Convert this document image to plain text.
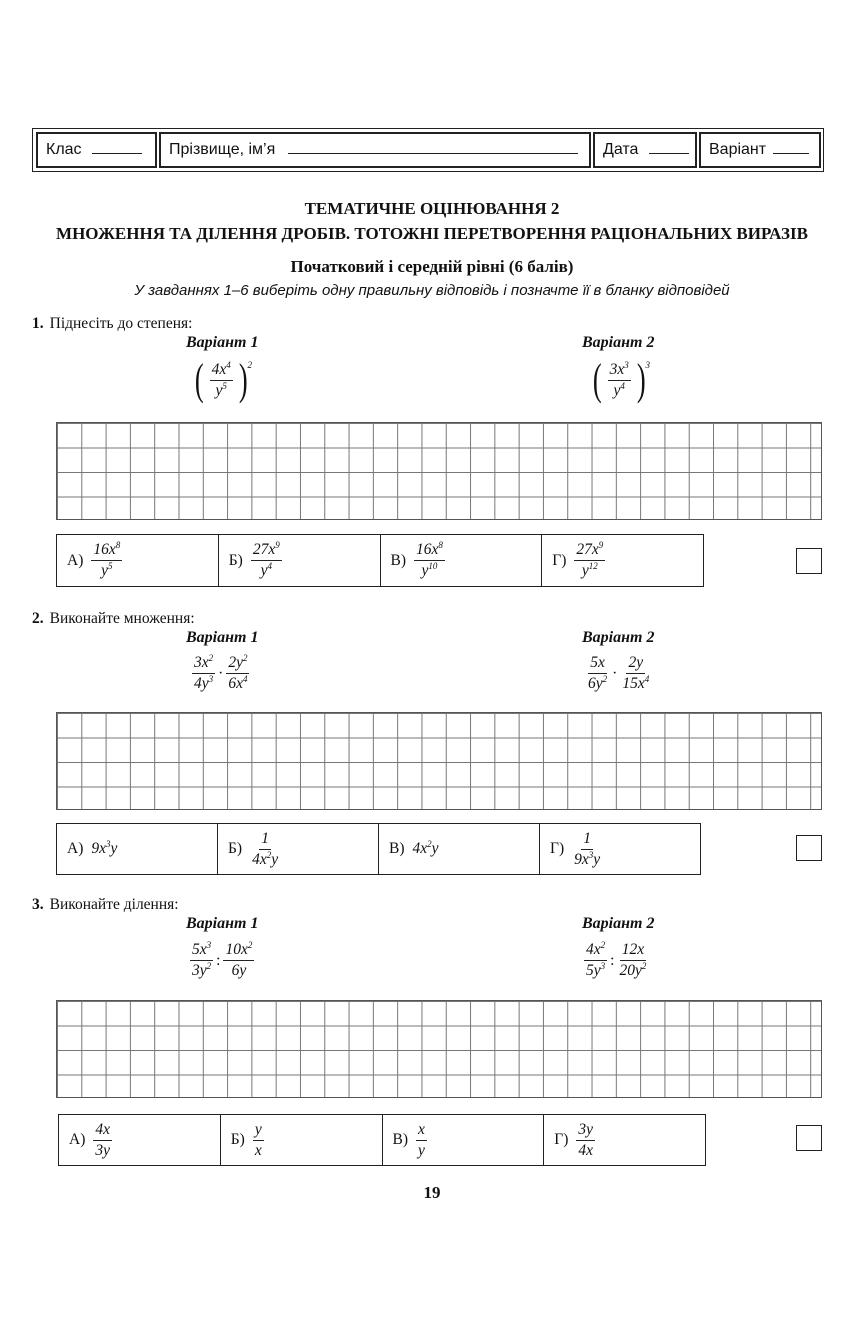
Клас	Прізвище, ім’я	Дата	Варіант
ТЕМАТИЧНЕ ОЦІНЮВАННЯ 2
МНОЖЕННЯ ТА ДІЛЕННЯ ДРОБІВ. ТОТОЖНІ ПЕРЕТВОРЕННЯ РАЦІОНАЛЬНИХ ВИРАЗІВ
Початковий і середній рівні (6 балів)
У завданнях 1–6 виберіть одну правильну відповідь і позначте її в бланку відповідей
1. Піднесіть до степеня:
Варіант 1	Варіант 2
( $\frac{4x^4}{y^5}$ ) 2	( $\frac{3x^3}{y^4}$ ) 3
$А) \frac{16x^8}{y^5}$	$Б) \frac{27x^9}{y^4}$	$В) \frac{16x^8}{y^{10}}$	$Г) \frac{27x^9}{y^{12}}$
2. Виконайте множення:
Варіант 1	Варіант 2
$\frac{3x^2}{4y^3} \cdot \frac{2y^2}{6x^4}$	$\frac{5x}{6y^2} \cdot \frac{2y}{15x^4}$
А) $9x^3y$	$Б) \frac{1}{4x^2y}$	В) $4x^2y$	$Г) \frac{1}{9x^3y}$
3. Виконайте ділення:
Варіант 1	Варіант 2
$\frac{5x^3}{3y^2}$ : $\frac{10x^2}{6y}$	$\frac{4x^2}{5y^3}$ : $\frac{12x}{20y^2}$
$А) \frac{4x}{3y}$	$Б) \frac{y}{x}$	$В) \frac{x}{y}$	$Г) \frac{3y}{4x}$
19
